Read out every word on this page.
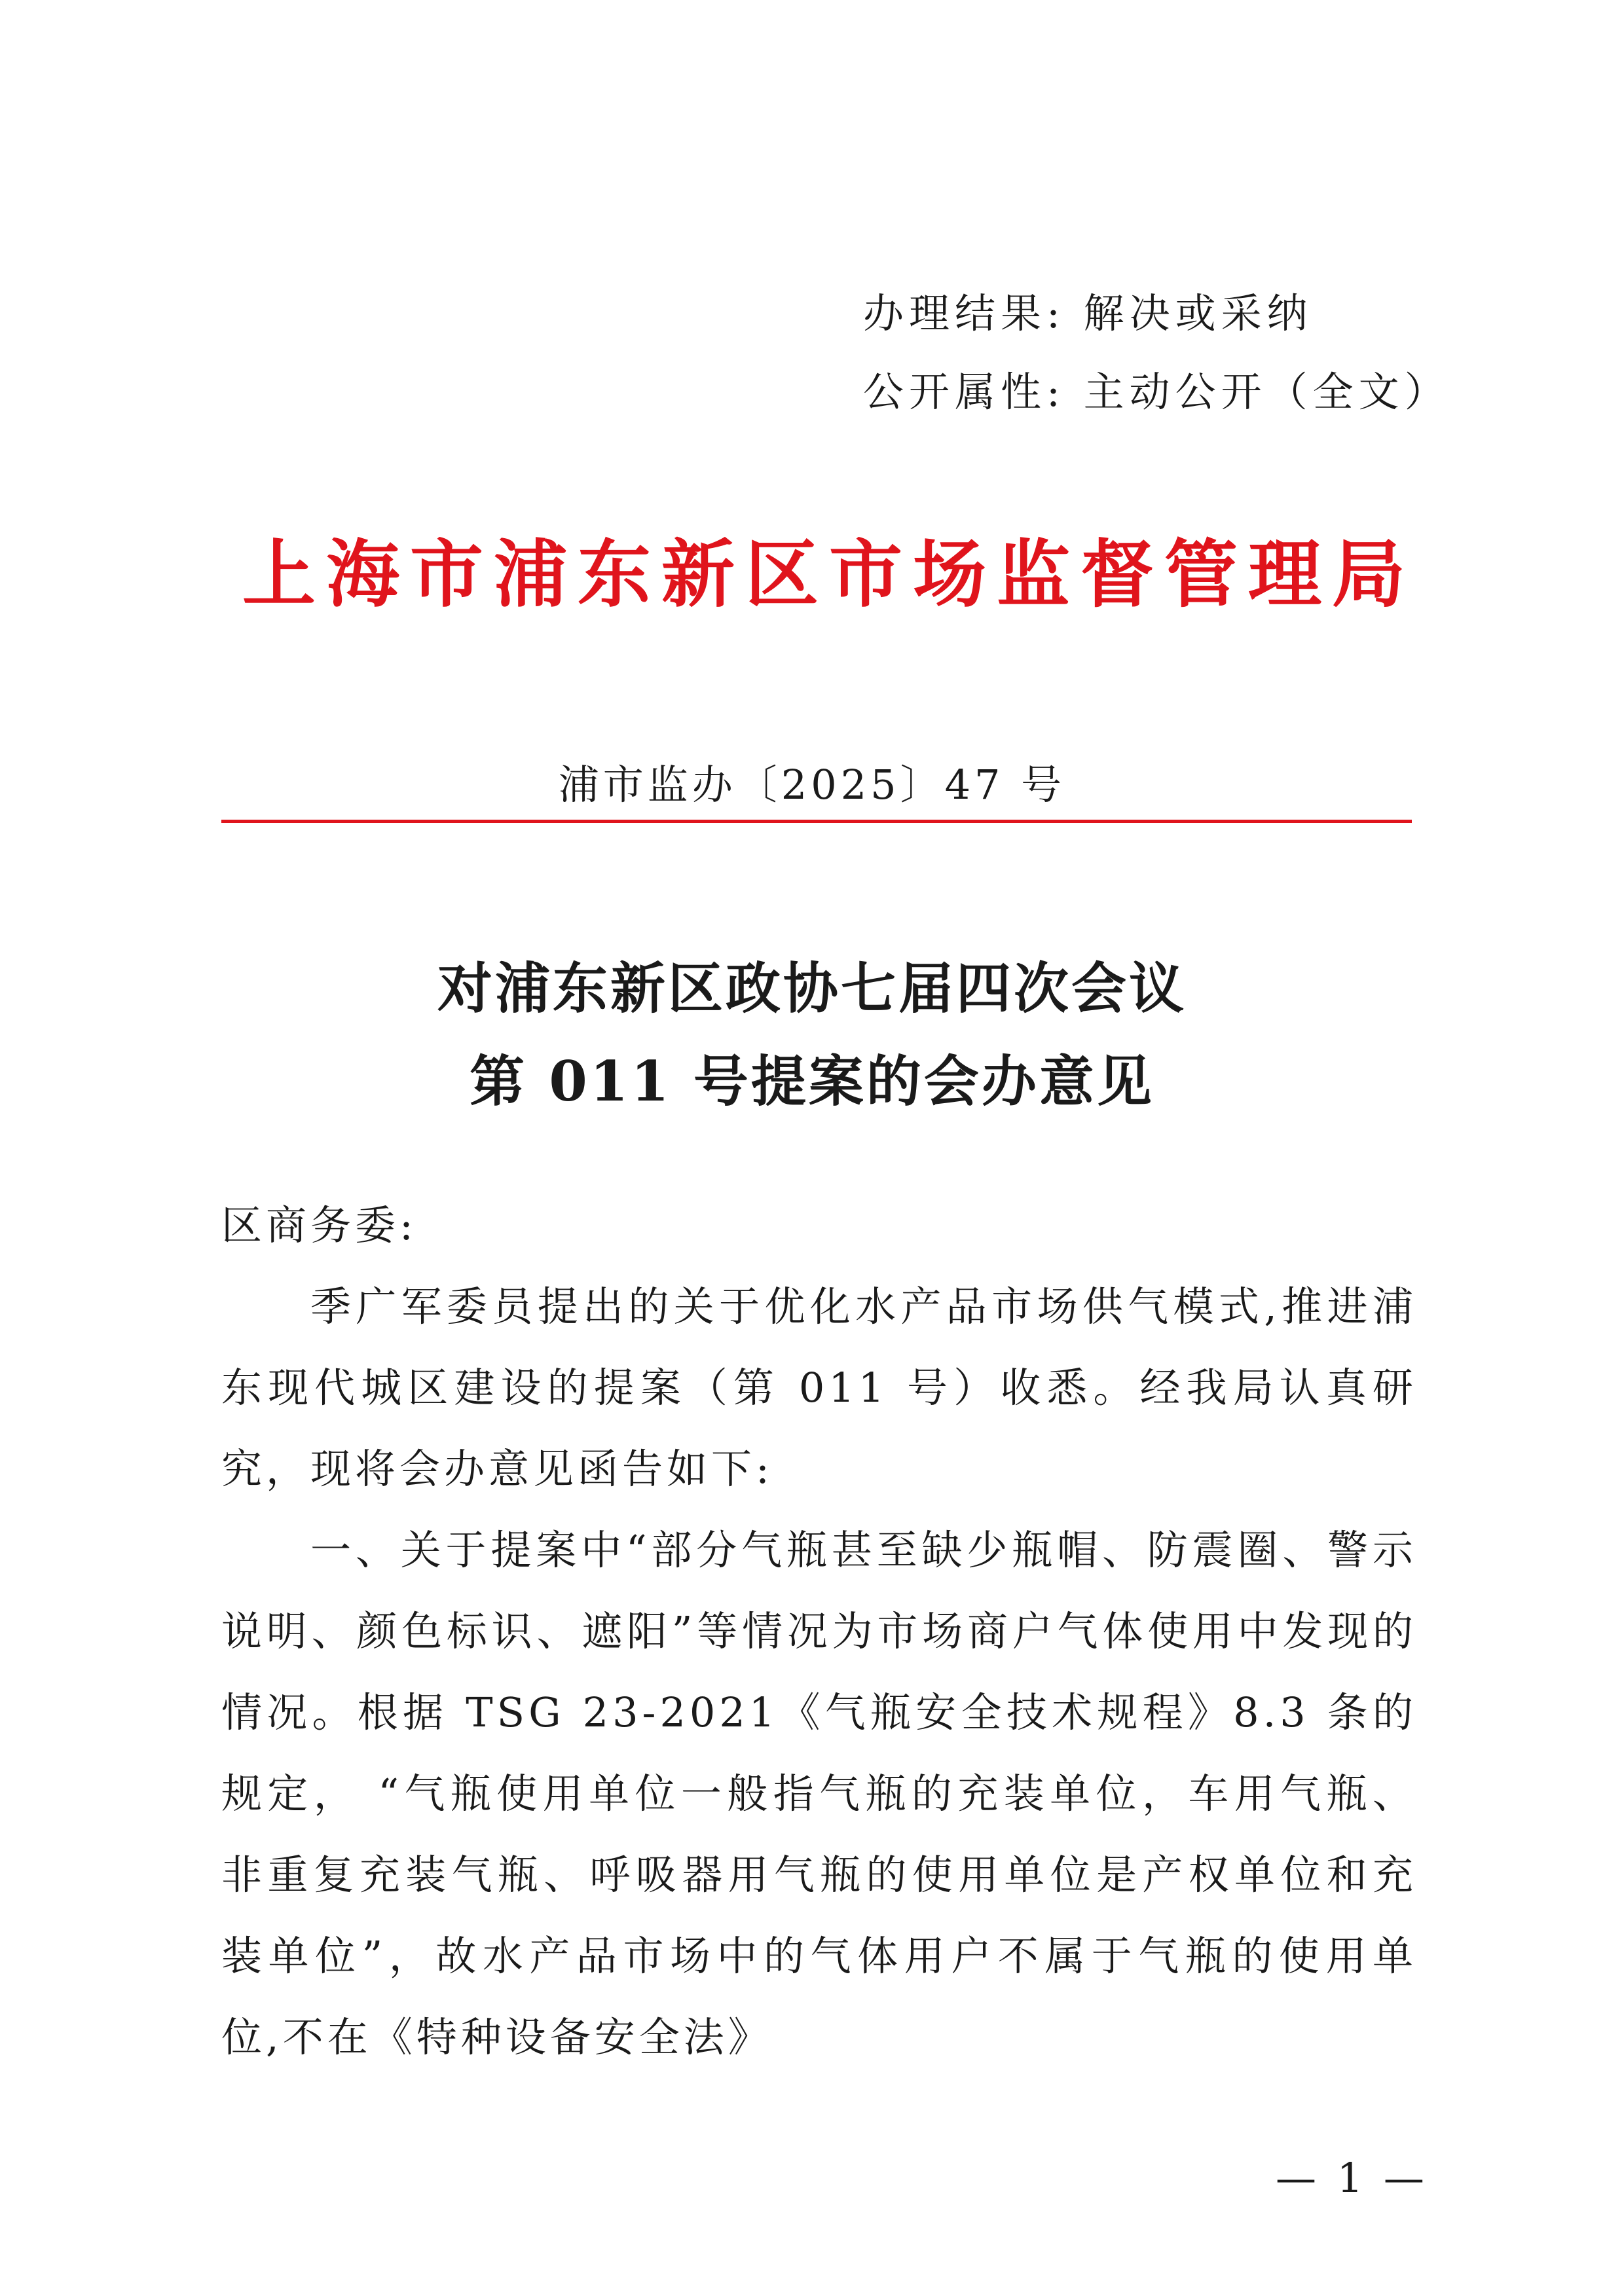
办理结果: 解决或采纳
公开属性: 主动公开（全文）
上海市浦东新区市场监督管理局
浦市监办〔2025〕47 号
对浦东新区政协七届四次会议
第 011 号提案的会办意见

区商务委:

季广军委员提出的关于优化水产品市场供气模式,推进浦东现代城区建设的提案（第 011 号）收悉。经我局认真研究，现将会办意见函告如下:

一、关于提案中“部分气瓶甚至缺少瓶帽、防震圈、警示说明、颜色标识、遮阳”等情况为市场商户气体使用中发现的情况。根据 TSG 23-2021《气瓶安全技术规程》8.3 条的规定， “气瓶使用单位一般指气瓶的充装单位，车用气瓶、非重复充装气瓶、呼吸器用气瓶的使用单位是产权单位和充装单位”，故水产品市场中的气体用户不属于气瓶的使用单位,不在《特种设备安全法》

— 1 —
